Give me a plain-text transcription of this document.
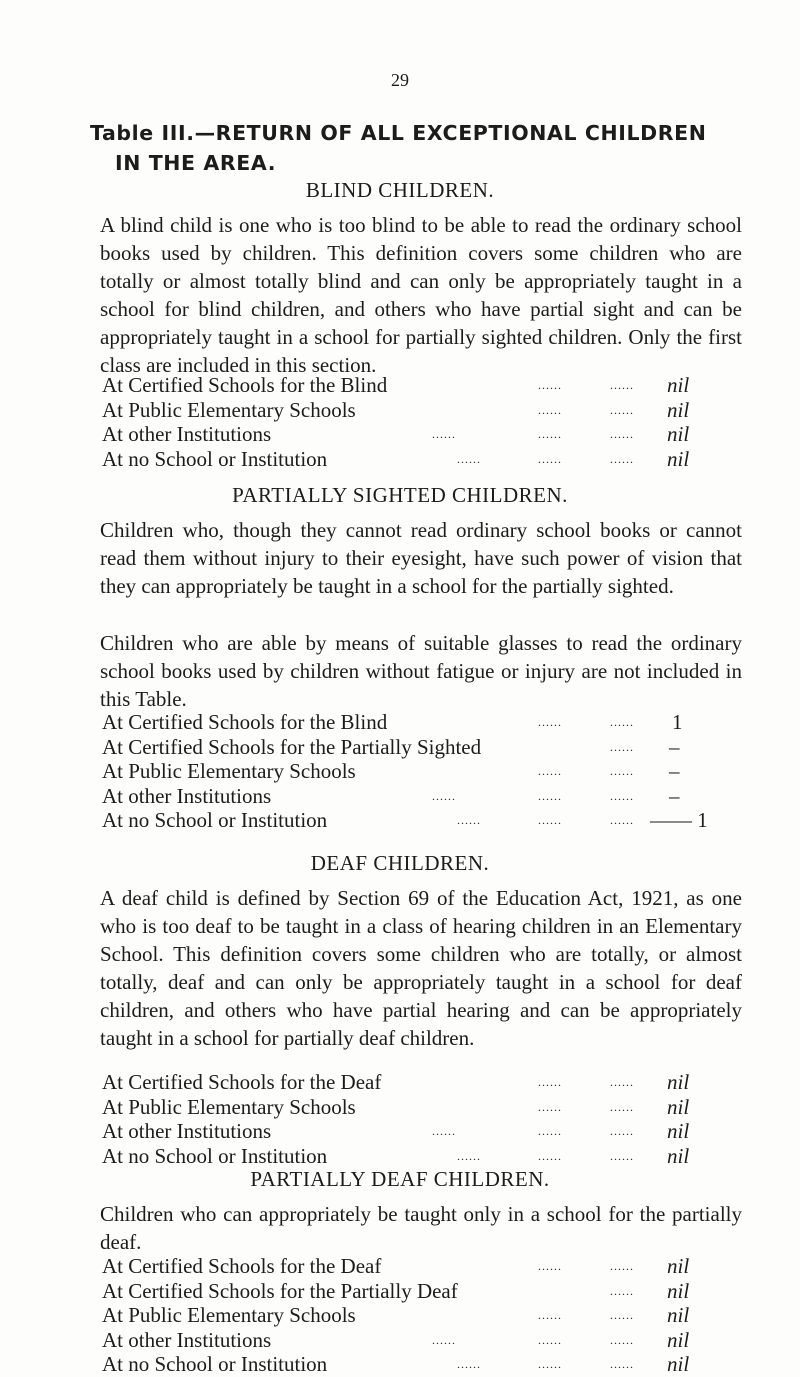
29
Table III.—RETURN OF ALL EXCEPTIONAL CHILDREN
IN THE AREA.
BLIND CHILDREN.
A blind child is one who is too blind to be able to read the ordinary school books used by children. This definition covers some children who are totally or almost totally blind and can only be appropriately taught in a school for blind children, and others who have partial sight and can be appropriately taught in a school for partially sighted children. Only the first class are included in this section.
At Certified Schools for the Blind	......	...... nil
At Public Elementary Schools	......	...... nil
At other Institutions	......	......	...... nil
At no School or Institution	......	......	...... nil
PARTIALLY SIGHTED CHILDREN.
Children who, though they cannot read ordinary school books or cannot read them without injury to their eyesight, have such power of vision that they can appropriately be taught in a school for the partially sighted.
Children who are able by means of suitable glasses to read the ordinary school books used by children without fatigue or injury are not included in this Table.
At Certified Schools for the Blind	......	...... 1
At Certified Schools for the Partially Sighted	...... –
At Public Elementary Schools	......	...... –
At other Institutions	......	......	...... –
At no School or Institution	......	......	...... —— 1
DEAF CHILDREN.
A deaf child is defined by Section 69 of the Education Act, 1921, as one who is too deaf to be taught in a class of hearing children in an Elementary School. This definition covers some children who are totally, or almost totally, deaf and can only be appropriately taught in a school for deaf children, and others who have partial hearing and can be appropriately taught in a school for partially deaf children.
At Certified Schools for the Deaf	......	...... nil
At Public Elementary Schools	......	...... nil
At other Institutions	......	......	...... nil
At no School or Institution	......	......	...... nil
PARTIALLY DEAF CHILDREN.
Children who can appropriately be taught only in a school for the partially deaf.
At Certified Schools for the Deaf	......	...... nil
At Certified Schools for the Partially Deaf	...... nil
At Public Elementary Schools	......	...... nil
At other Institutions	......	......	...... nil
At no School or Institution	......	......	...... nil
